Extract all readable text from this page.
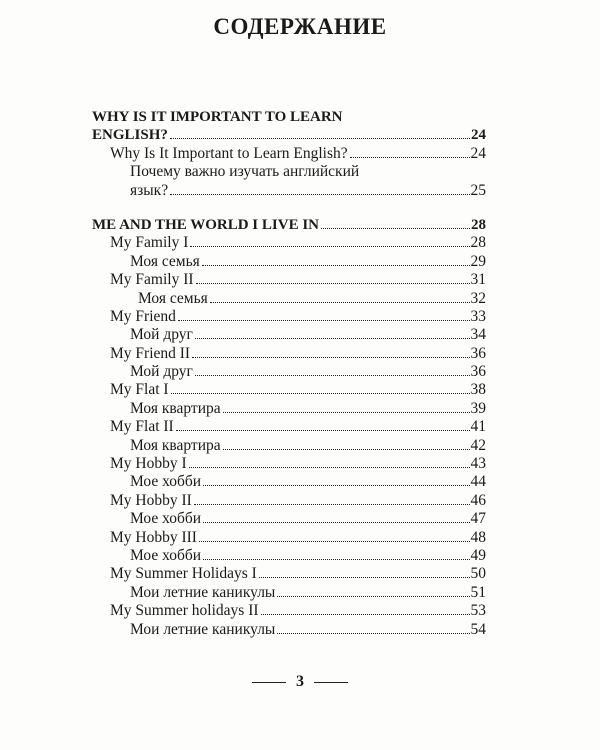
СОДЕРЖАНИЕ
WHY IS IT IMPORTANT TO LEARN
ENGLISH?	24
Why Is It Important to Learn English?	24
Почему важно изучать английский
язык?	25
ME AND THE WORLD I LIVE IN	28
My Family I	28
Моя семья	29
My Family II	31
Моя семья	32
My Friend	33
Мой друг	34
My Friend II	36
Мой друг	36
My Flat I	38
Моя квартира	39
My Flat II	41
Моя квартира	42
My Hobby I	43
Мое хобби	44
My Hobby II	46
Мое хобби	47
My Hobby III	48
Мое хобби	49
My Summer Holidays I	50
Мои летние каникулы	51
My Summer holidays II	53
Мои летние каникулы	54
3
